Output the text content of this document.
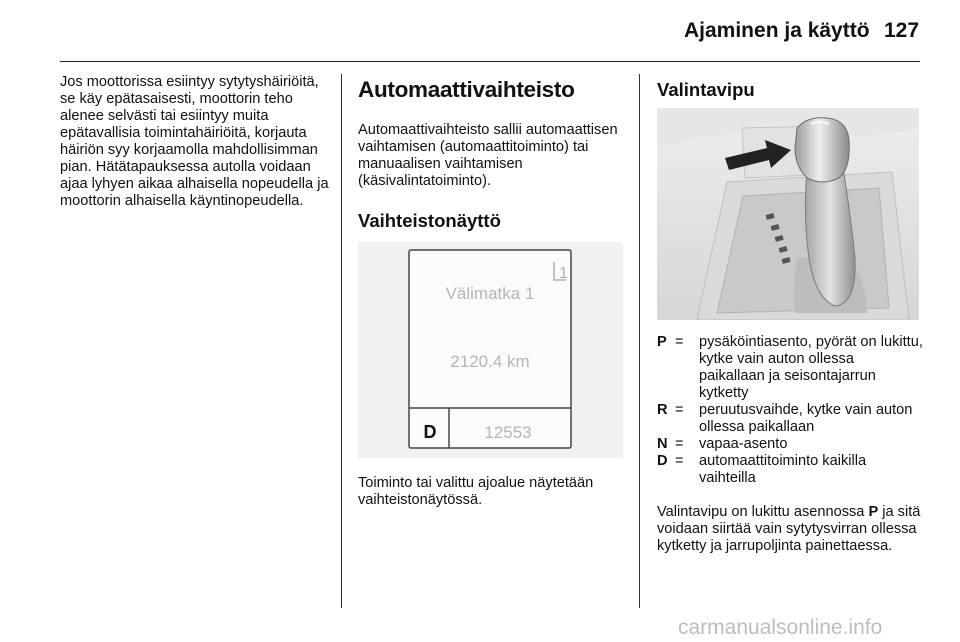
Ajaminen ja käyttö 127

Jos moottorissa esiintyy sytytyshäiriöitä, se käy epätasaisesti, moottorin teho alenee selvästi tai esiintyy muita epätavallisia toimintahäiriöitä, korjauta häiriön syy korjaamolla mahdollisimman pian. Hätätapauksessa autolla voidaan ajaa lyhyen aikaa alhaisella nopeudella ja moottorin alhaisella käyntinopeudella.

Automaattivaihteisto

Automaattivaihteisto sallii automaattisen vaihtamisen (automaattitoiminto) tai manuaalisen vaihtamisen (käsivalintatoiminto).

Vaihteistonäyttö
1
Välimatka 1
2120.4 km
D	12553

Toiminto tai valittu ajoalue näytetään vaihteistonäytössä.

Valintavipu
P =	pysäköintiasento, pyörät on lukittu, kytke vain auton ollessa paikallaan ja seisontajarrun kytketty
R =	peruutusvaihde, kytke vain auton ollessa paikallaan
N =	vapaa-asento
D =	automaattitoiminto kaikilla vaihteilla

Valintavipu on lukittu asennossa P ja sitä voidaan siirtää vain sytytysvirran ollessa kytketty ja jarrupoljinta painettaessa.

carmanualsonline.info
